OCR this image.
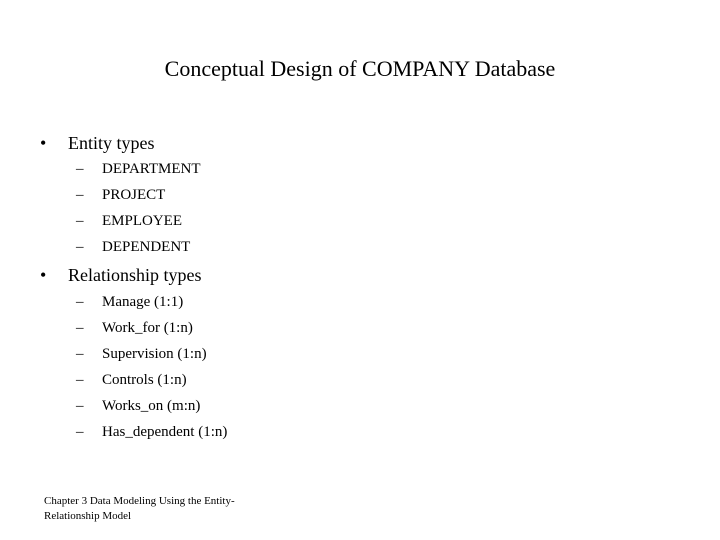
Conceptual Design of COMPANY Database
• Entity types
– DEPARTMENT
– PROJECT
– EMPLOYEE
– DEPENDENT
• Relationship types
– Manage (1:1)
– Work_for (1:n)
– Supervision (1:n)
– Controls (1:n)
– Works_on (m:n)
– Has_dependent (1:n)
Chapter 3 Data Modeling Using the Entity-Relationship Model
